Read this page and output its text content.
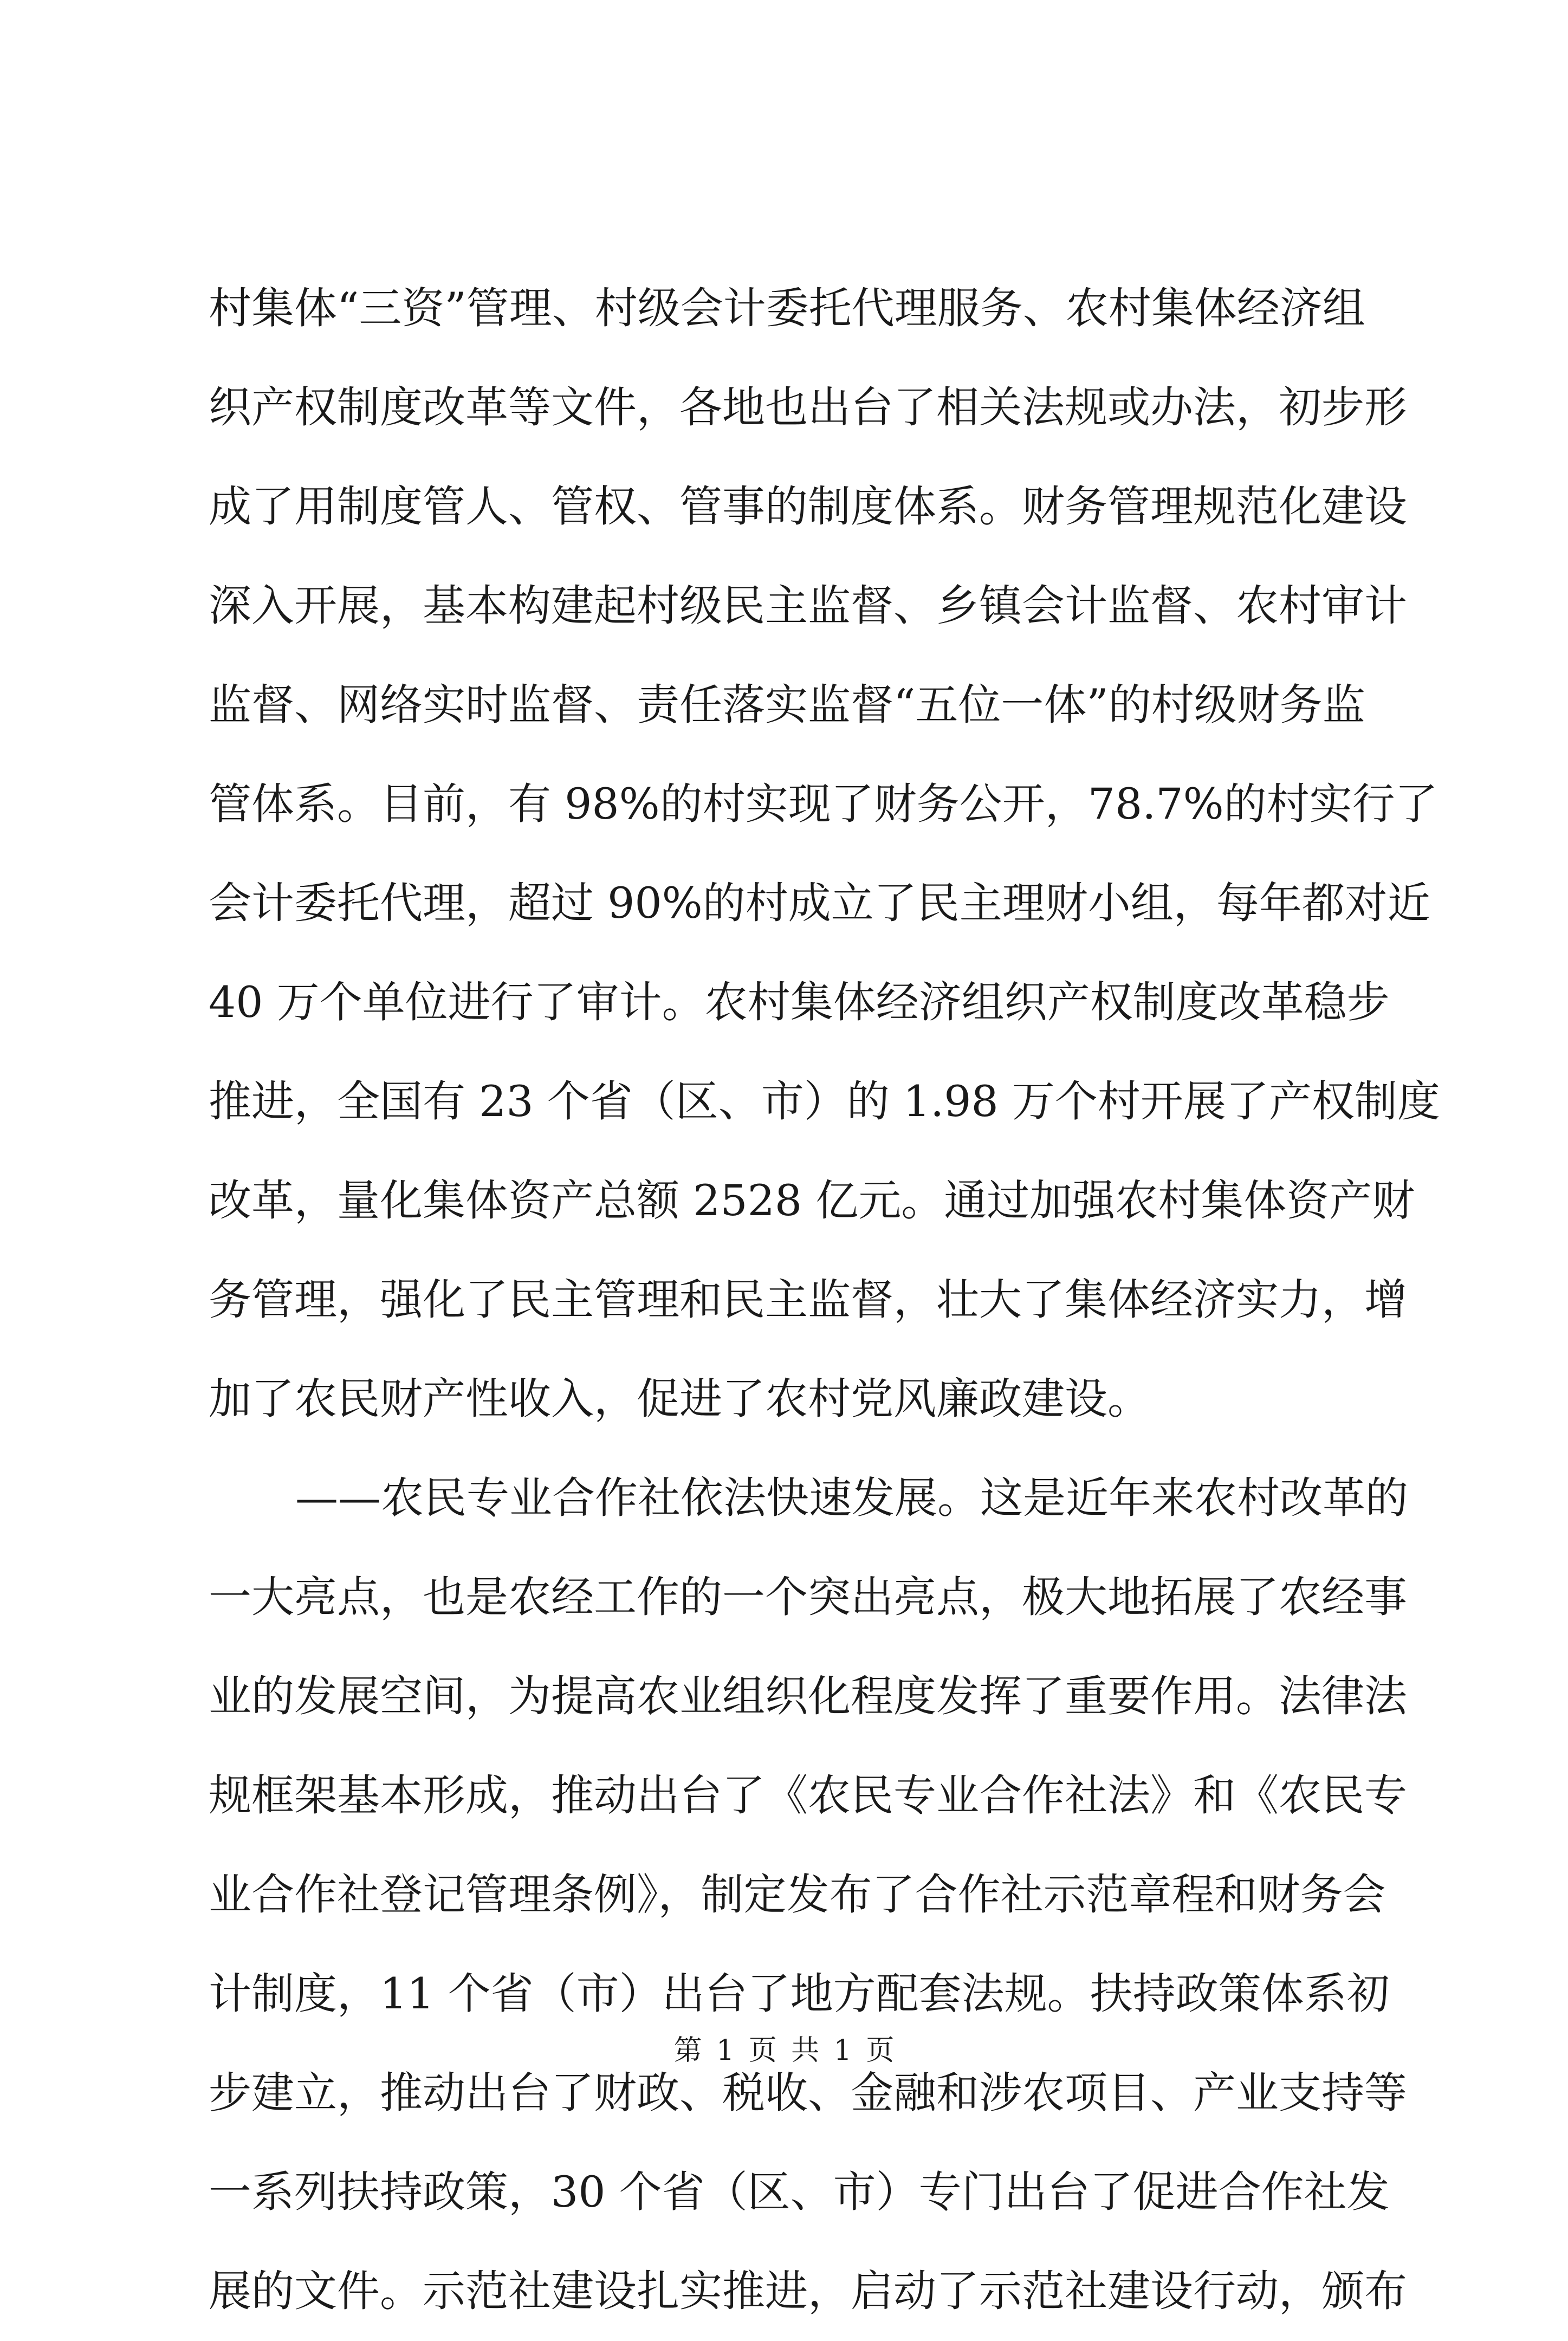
村集体“三资”管理、村级会计委托代理服务、农村集体经济组
织产权制度改革等文件，各地也出台了相关法规或办法，初步形
成了用制度管人、管权、管事的制度体系。财务管理规范化建设
深入开展，基本构建起村级民主监督、乡镇会计监督、农村审计
监督、网络实时监督、责任落实监督“五位一体”的村级财务监
管体系。目前，有 98%的村实现了财务公开，78.7%的村实行了
会计委托代理，超过 90%的村成立了民主理财小组，每年都对近
40 万个单位进行了审计。农村集体经济组织产权制度改革稳步
推进，全国有 23 个省（区、市）的 1.98 万个村开展了产权制度
改革，量化集体资产总额 2528 亿元。通过加强农村集体资产财
务管理，强化了民主管理和民主监督，壮大了集体经济实力，增
加了农民财产性收入，促进了农村党风廉政建设。
——农民专业合作社依法快速发展。这是近年来农村改革的
一大亮点，也是农经工作的一个突出亮点，极大地拓展了农经事
业的发展空间，为提高农业组织化程度发挥了重要作用。法律法
规框架基本形成，推动出台了《农民专业合作社法》和《农民专
业合作社登记管理条例》，制定发布了合作社示范章程和财务会
计制度，11 个省（市）出台了地方配套法规。扶持政策体系初
步建立，推动出台了财政、税收、金融和涉农项目、产业支持等
一系列扶持政策，30 个省（区、市）专门出台了促进合作社发
展的文件。示范社建设扎实推进，启动了示范社建设行动，颁布
第 1 页 共 1 页
